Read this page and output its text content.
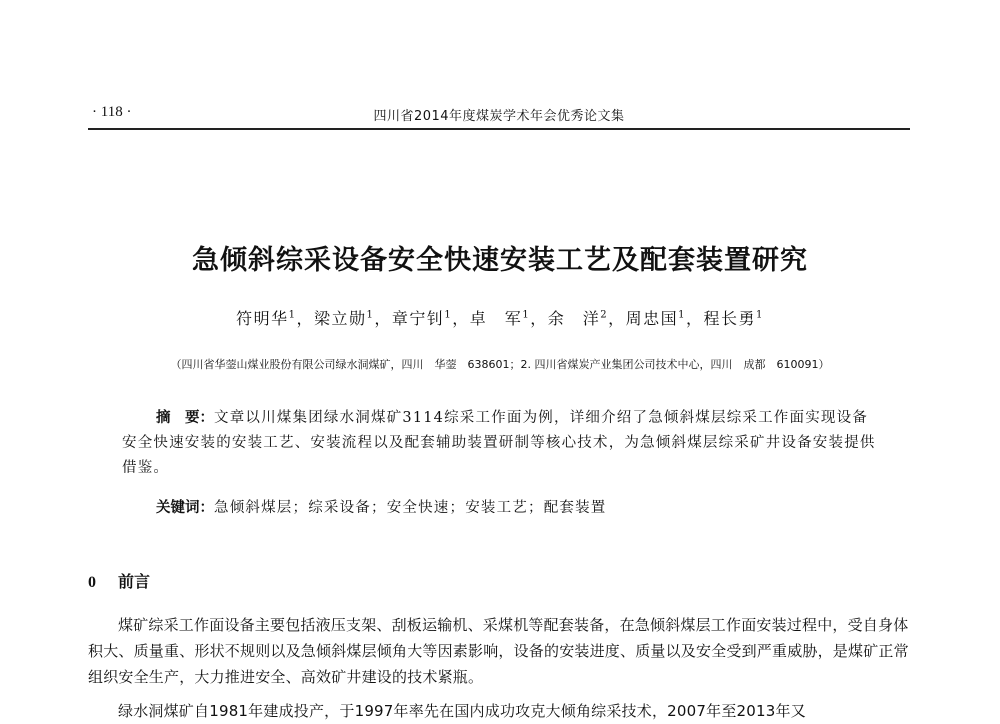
· 118 ·	四川省2014年度煤炭学术年会优秀论文集
急倾斜综采设备安全快速安装工艺及配套装置研究
符明华$^1$，梁立勋$^1$，章宁钊$^1$，卓　军$^1$，余　洋$^2$，周忠国$^1$，程长勇$^1$
（四川省华蓥山煤业股份有限公司绿水洞煤矿，四川　华蓥　638601；2. 四川省煤炭产业集团公司技术中心，四川　成都　610091）

摘　要：文章以川煤集团绿水洞煤矿3114综采工作面为例，详细介绍了急倾斜煤层综采工作面实现设备安全快速安装的安装工艺、安装流程以及配套辅助装置研制等核心技术，为急倾斜煤层综采矿井设备安装提供借鉴。

关键词：急倾斜煤层；综采设备；安全快速；安装工艺；配套装置
0 前言

煤矿综采工作面设备主要包括液压支架、刮板运输机、采煤机等配套装备，在急倾斜煤层工作面安装过程中，受自身体积大、质量重、形状不规则以及急倾斜煤层倾角大等因素影响，设备的安装进度、质量以及安全受到严重威胁，是煤矿正常组织安全生产，大力推进安全、高效矿井建设的技术紧瓶。

绿水洞煤矿自1981年建成投产，于1997年率先在国内成功攻克大倾角综采技术，2007年至2013年又
